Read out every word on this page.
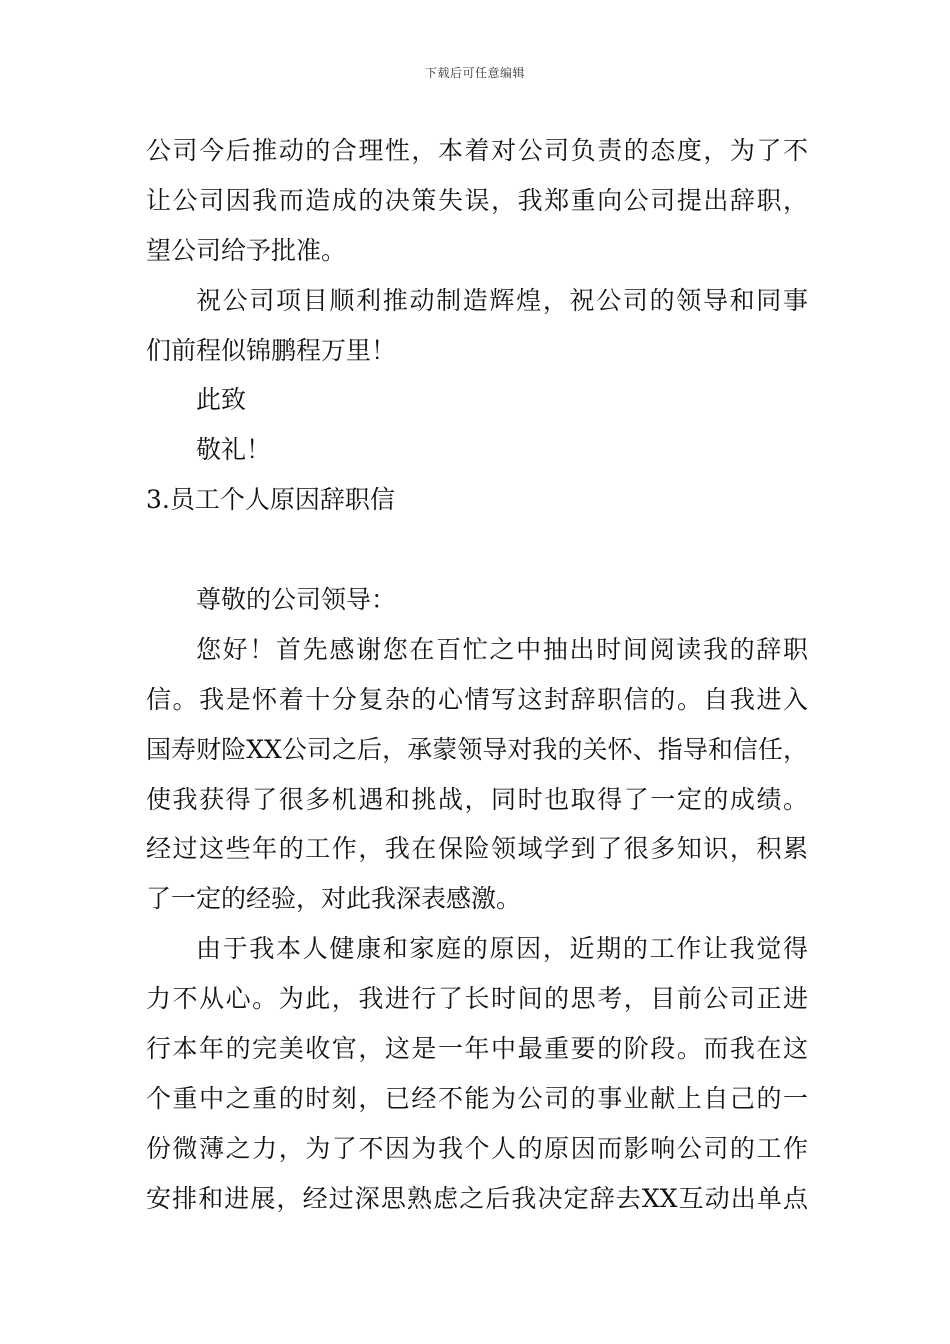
下载后可任意编辑
公司今后推动的合理性，本着对公司负责的态度，为了不
让公司因我而造成的决策失误，我郑重向公司提出辞职，
望公司给予批准。
祝公司项目顺利推动制造辉煌，祝公司的领导和同事
们前程似锦鹏程万里！
此致
敬礼！
3.员工个人原因辞职信
尊敬的公司领导：
您好！首先感谢您在百忙之中抽出时间阅读我的辞职
信。我是怀着十分复杂的心情写这封辞职信的。自我进入
国寿财险XX公司之后，承蒙领导对我的关怀、指导和信任，
使我获得了很多机遇和挑战，同时也取得了一定的成绩。
经过这些年的工作，我在保险领域学到了很多知识，积累
了一定的经验，对此我深表感激。
由于我本人健康和家庭的原因，近期的工作让我觉得
力不从心。为此，我进行了长时间的思考，目前公司正进
行本年的完美收官，这是一年中最重要的阶段。而我在这
个重中之重的时刻，已经不能为公司的事业献上自己的一
份微薄之力，为了不因为我个人的原因而影响公司的工作
安排和进展，经过深思熟虑之后我决定辞去XX互动出单点
